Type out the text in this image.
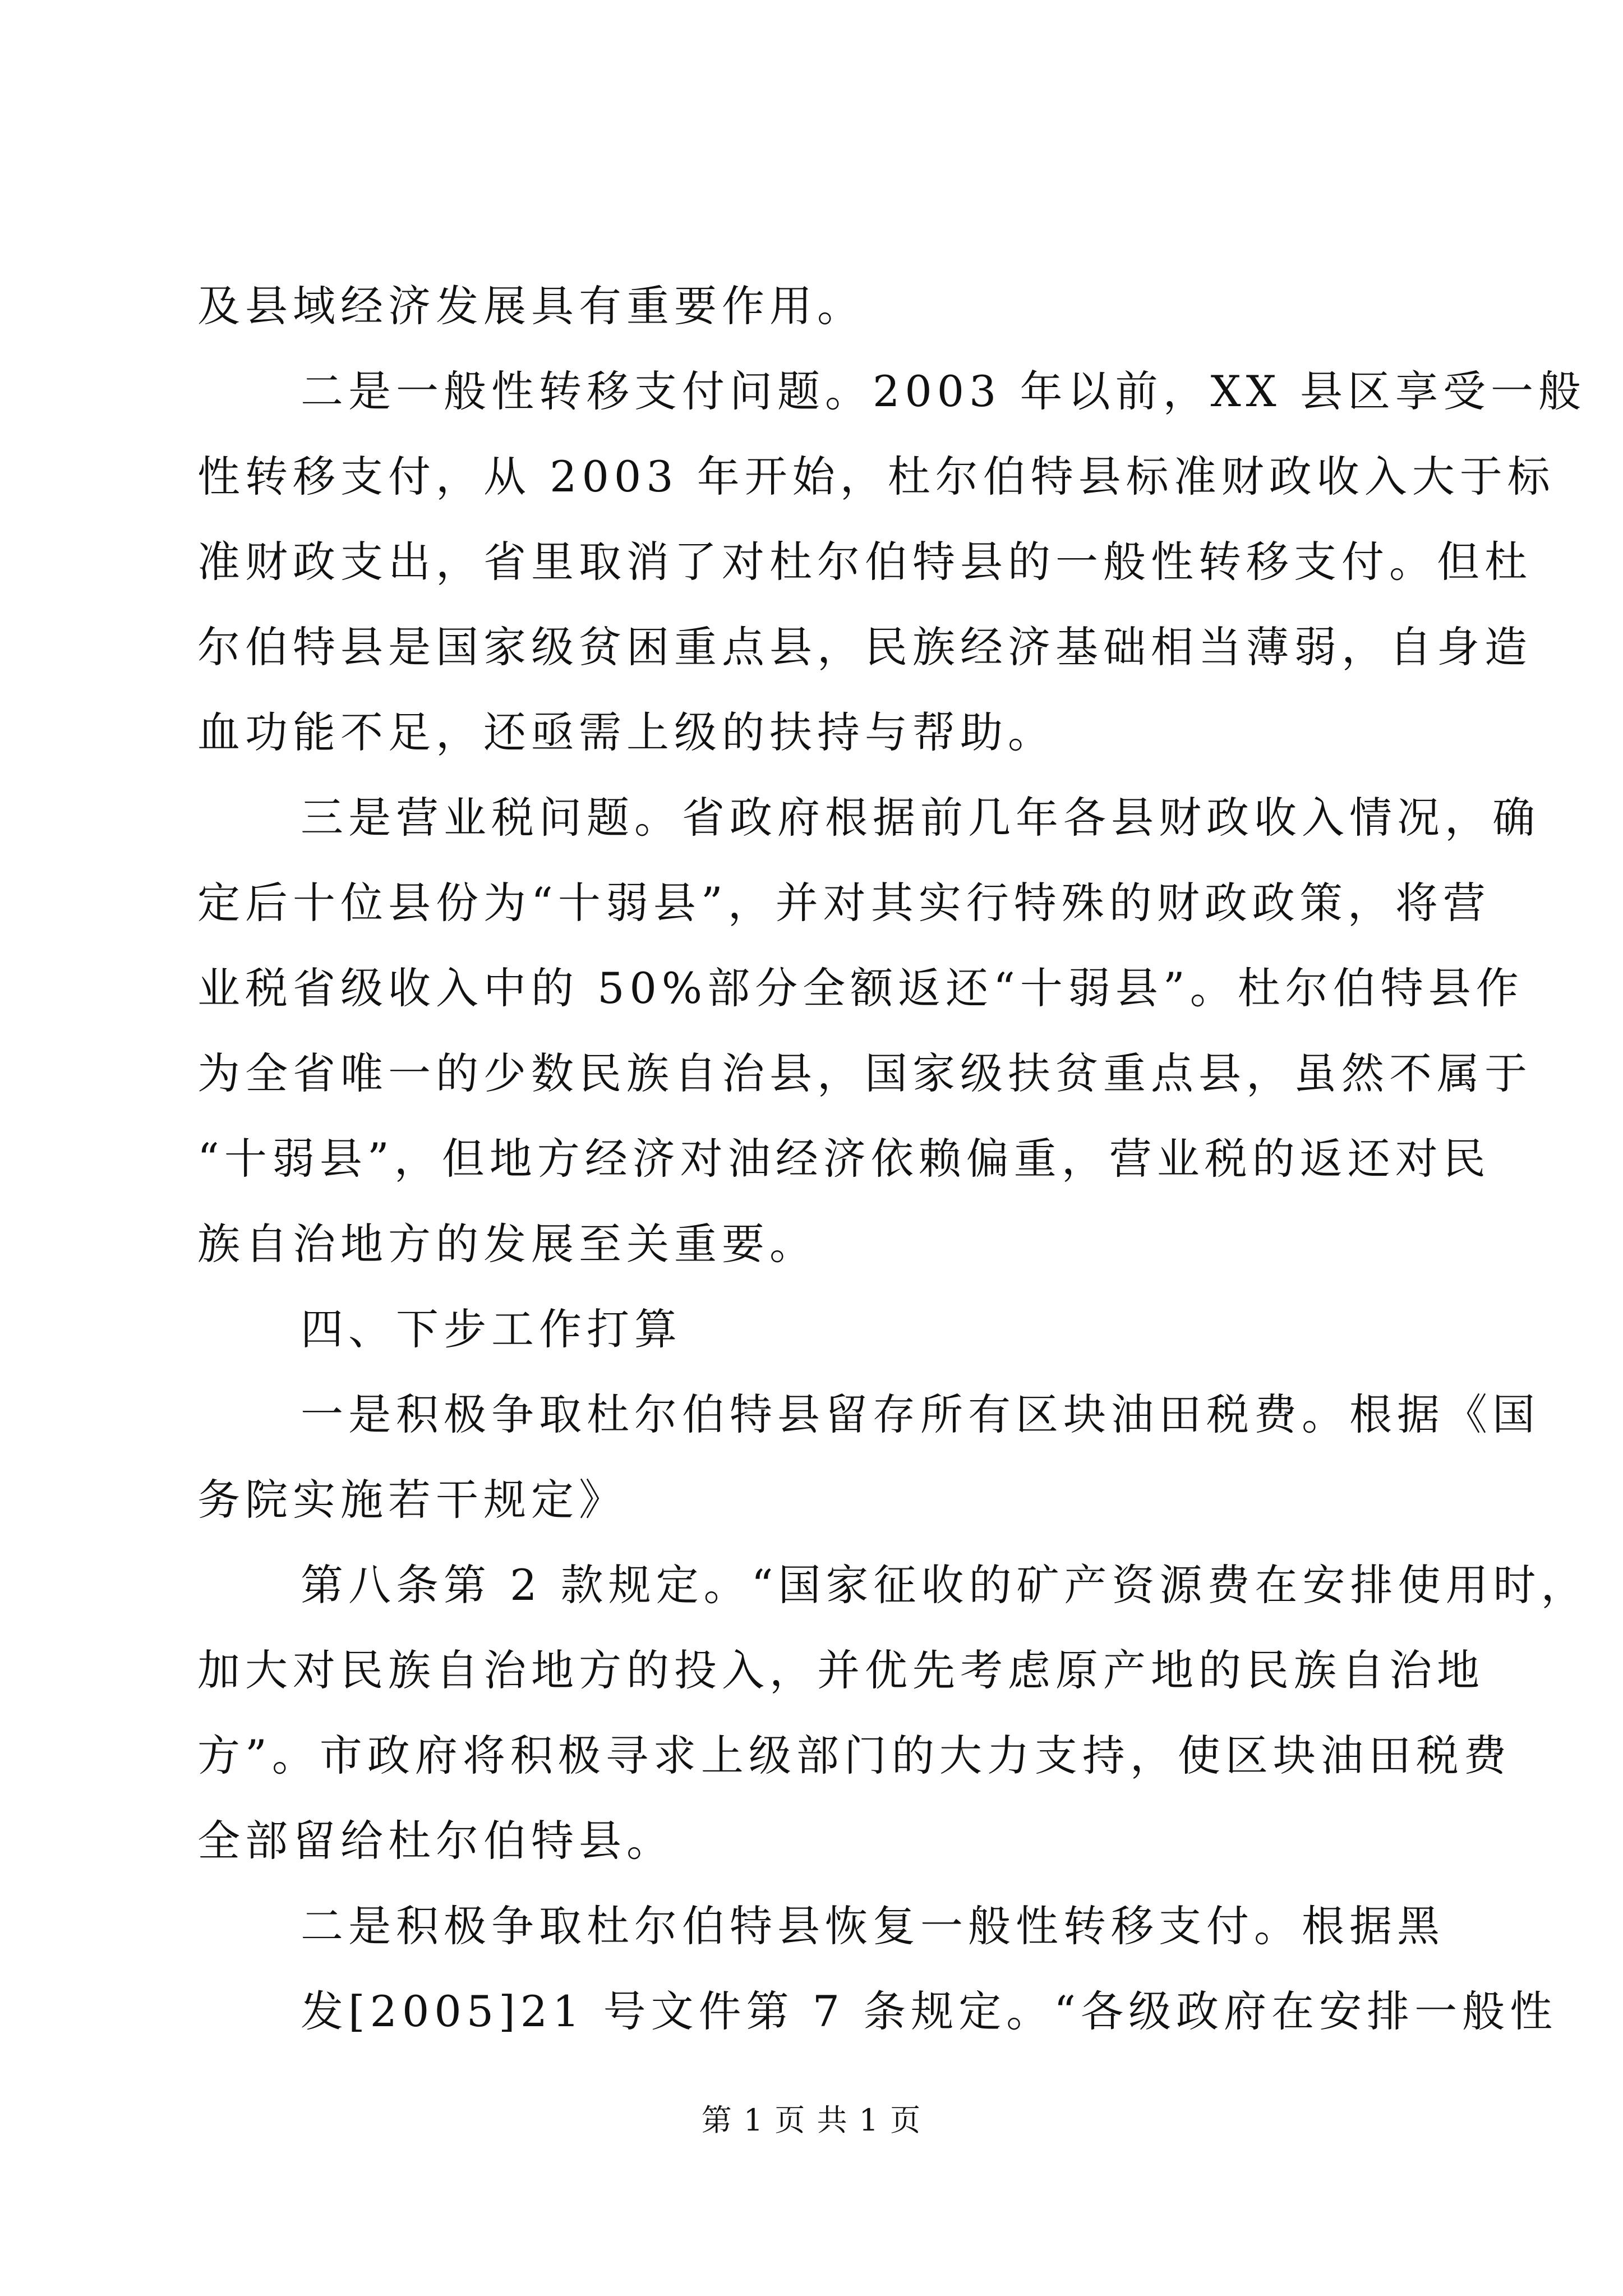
及县域经济发展具有重要作用。
二是一般性转移支付问题。2003 年以前，XX 县区享受一般
性转移支付，从 2003 年开始，杜尔伯特县标准财政收入大于标
准财政支出，省里取消了对杜尔伯特县的一般性转移支付。但杜
尔伯特县是国家级贫困重点县，民族经济基础相当薄弱，自身造
血功能不足，还亟需上级的扶持与帮助。
三是营业税问题。省政府根据前几年各县财政收入情况，确
定后十位县份为“十弱县”，并对其实行特殊的财政政策，将营
业税省级收入中的 50%部分全额返还“十弱县”。杜尔伯特县作
为全省唯一的少数民族自治县，国家级扶贫重点县，虽然不属于
“十弱县”，但地方经济对油经济依赖偏重，营业税的返还对民
族自治地方的发展至关重要。
四、下步工作打算
一是积极争取杜尔伯特县留存所有区块油田税费。根据《国
务院实施若干规定》
第八条第 2 款规定。“国家征收的矿产资源费在安排使用时，
加大对民族自治地方的投入，并优先考虑原产地的民族自治地
方”。市政府将积极寻求上级部门的大力支持，使区块油田税费
全部留给杜尔伯特县。
二是积极争取杜尔伯特县恢复一般性转移支付。根据黑
发[2005]21 号文件第 7 条规定。“各级政府在安排一般性
第 1 页 共 1 页
